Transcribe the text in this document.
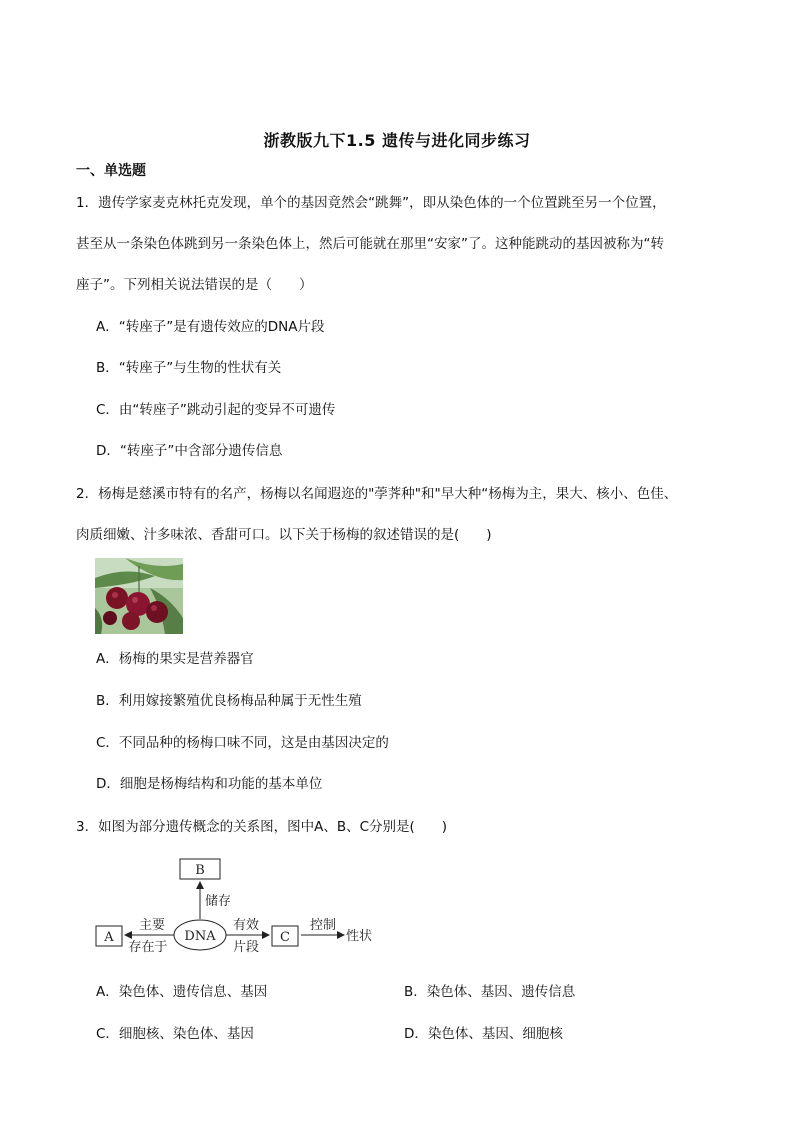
浙教版九下1.5 遗传与进化同步练习
一、单选题
1．遗传学家麦克林托克发现，单个的基因竟然会“跳舞”，即从染色体的一个位置跳至另一个位置，
甚至从一条染色体跳到另一条染色体上，然后可能就在那里“安家”了。这种能跳动的基因被称为“转
座子”。下列相关说法错误的是（　　）
A．“转座子”是有遗传效应的DNA片段
B．“转座子”与生物的性状有关
C．由“转座子”跳动引起的变异不可遗传
D．“转座子”中含部分遗传信息
2．杨梅是慈溪市特有的名产，杨梅以名闻遐迩的"荸荠种"和"早大种“杨梅为主，果大、核小、色佳、
肉质细嫩、汁多味浓、香甜可口。以下关于杨梅的叙述错误的是(　　)
A．杨梅的果实是营养器官
B．利用嫁接繁殖优良杨梅品种属于无性生殖
C．不同品种的杨梅口味不同，这是由基因决定的
D．细胞是杨梅结构和功能的基本单位
3．如图为部分遗传概念的关系图，图中A、B、C分别是(　　)
B
储存
DNA
A
主要
存在于
有效
片段
C
控制
性状
A．染色体、遗传信息、基因	B．染色体、基因、遗传信息
C．细胞核、染色体、基因	D．染色体、基因、细胞核
